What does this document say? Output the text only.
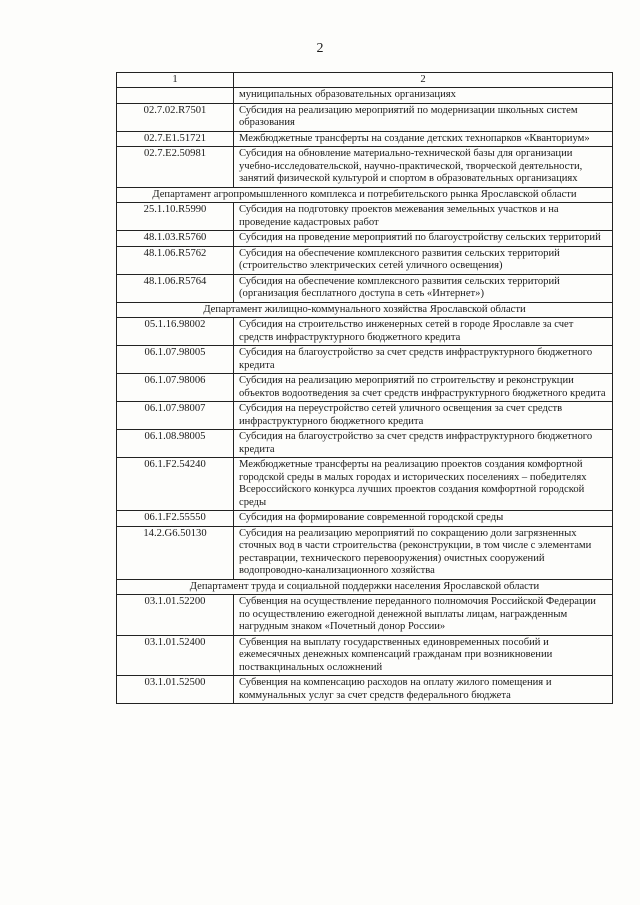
2
1	2
	муниципальных образовательных организациях
02.7.02.R7501	Субсидия на реализацию мероприятий по модернизации школьных систем образования
02.7.E1.51721	Межбюджетные трансферты на создание детских технопарков «Кванториум»
02.7.E2.50981	Субсидия на обновление материально-технической базы для организации учебно-исследовательской, научно-практической, творческой деятельности, занятий физической культурой и спортом в образовательных организациях
Департамент агропромышленного комплекса и потребительского рынка Ярославской области	
25.1.10.R5990	Субсидия на подготовку проектов межевания земельных участков и на проведение кадастровых работ
48.1.03.R5760	Субсидия на проведение мероприятий по благоустройству сельских территорий
48.1.06.R5762	Субсидия на обеспечение комплексного развития сельских территорий (строительство электрических сетей уличного освещения)
48.1.06.R5764	Субсидия на обеспечение комплексного развития сельских территорий (организация бесплатного доступа в сеть «Интернет»)
Департамент жилищно-коммунального хозяйства Ярославской области	
05.1.16.98002	Субсидия на строительство инженерных сетей в городе Ярославле за счет средств инфраструктурного бюджетного кредита
06.1.07.98005	Субсидия на благоустройство за счет средств инфраструктурного бюджетного кредита
06.1.07.98006	Субсидия на реализацию мероприятий по строительству и реконструкции объектов водоотведения за счет средств инфраструктурного бюджетного кредита
06.1.07.98007	Субсидия на переустройство сетей уличного освещения за счет средств инфраструктурного бюджетного кредита
06.1.08.98005	Субсидия на благоустройство за счет средств инфраструктурного бюджетного кредита
06.1.F2.54240	Межбюджетные трансферты на реализацию проектов создания комфортной городской среды в малых городах и исторических поселениях – победителях Всероссийского конкурса лучших проектов создания комфортной городской среды
06.1.F2.55550	Субсидия на формирование современной городской среды
14.2.G6.50130	Субсидия на реализацию мероприятий по сокращению доли загрязненных сточных вод в части строительства (реконструкции, в том числе с элементами реставрации, технического перевооружения) очистных сооружений водопроводно-канализационного хозяйства
Департамент труда и социальной поддержки населения Ярославской области	
03.1.01.52200	Субвенция на осуществление переданного полномочия Российской Федерации по осуществлению ежегодной денежной выплаты лицам, награжденным нагрудным знаком «Почетный донор России»
03.1.01.52400	Субвенция на выплату государственных единовременных пособий и ежемесячных денежных компенсаций гражданам при возникновении поствакцинальных осложнений
03.1.01.52500	Субвенция на компенсацию расходов на оплату жилого помещения и коммунальных услуг за счет средств федерального бюджета
